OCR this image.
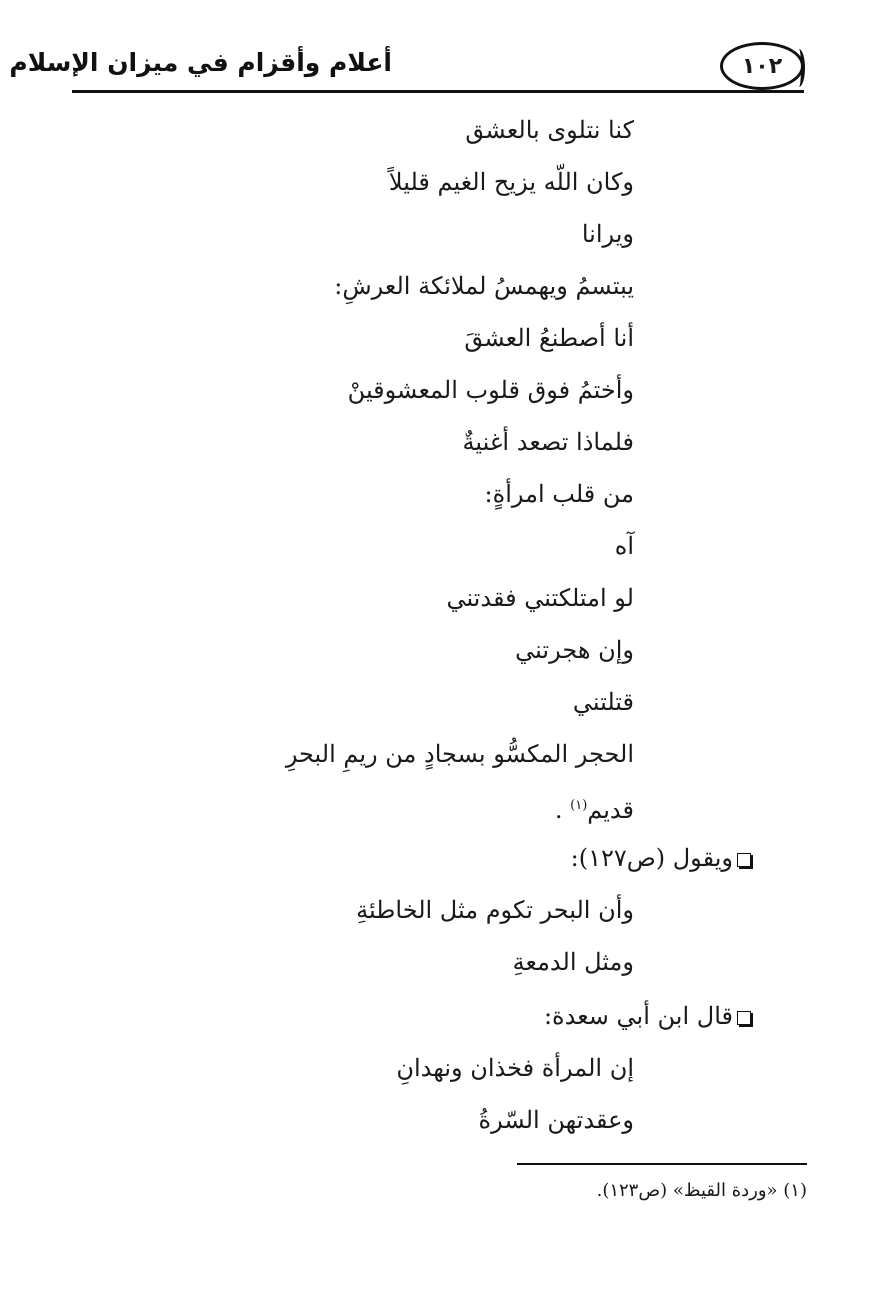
أعلام وأقزام في ميزان الإسلام	١٠٢
كنا نتلوى بالعشق
وكان اللّه يزيح الغيم قليلاً
ويرانا
يبتسمُ ويهمسُ لملائكة العرشِ:
أنا أصطنعُ العشقَ
وأختمُ فوق قلوب المعشوقينْ
فلماذا تصعد أغنيةٌ
من قلب امرأةٍ:
آه
لو امتلكتني فقدتني
وإن هجرتني
قتلتني
الحجر المكسُّو بسجادٍ من ريمِ البحرِ
قديم$^{(١)}$ .
ويقول (ص١٢٧):
وأن البحر تكوم مثل الخاطئةِ
ومثل الدمعةِ
قال ابن أبي سعدة:
إن المرأة فخذان ونهدانِ
وعقدتهن السّرةُ
(١) «وردة القيظ» (ص١٢٣).
